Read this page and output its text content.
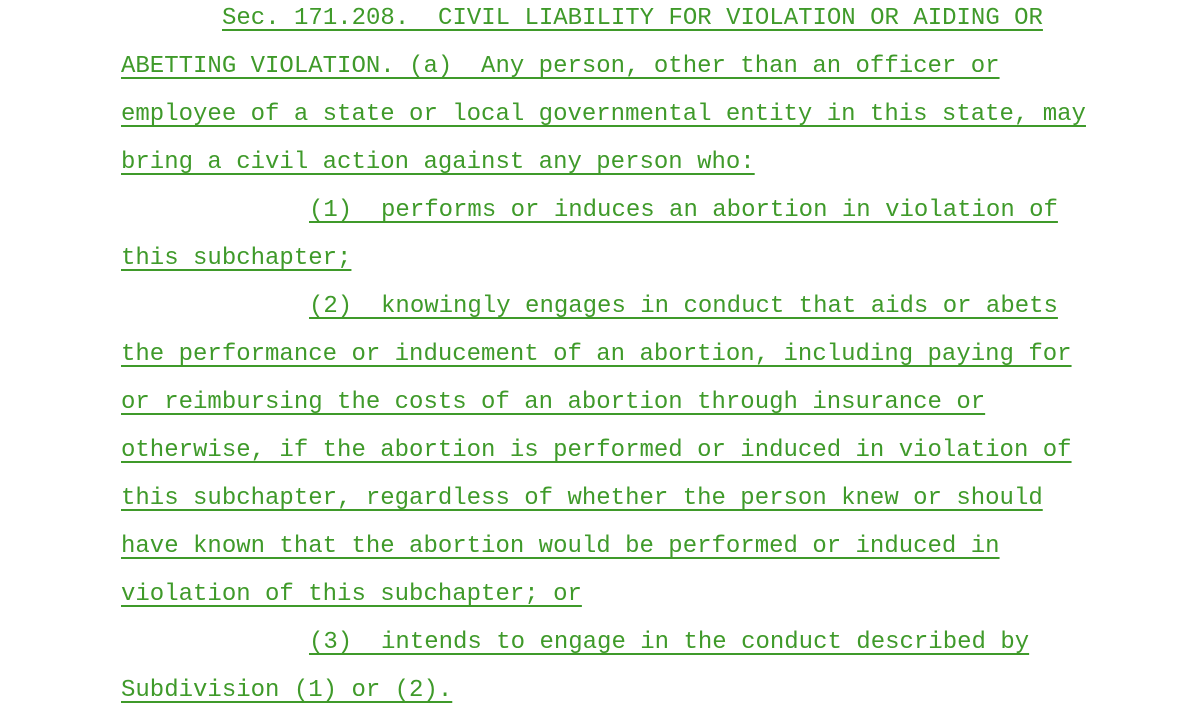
Sec. 171.208.  CIVIL LIABILITY FOR VIOLATION OR AIDING OR
ABETTING VIOLATION. (a)  Any person, other than an officer or
employee of a state or local governmental entity in this state, may
bring a civil action against any person who:
(1)  performs or induces an abortion in violation of
this subchapter;
(2)  knowingly engages in conduct that aids or abets
the performance or inducement of an abortion, including paying for
or reimbursing the costs of an abortion through insurance or
otherwise, if the abortion is performed or induced in violation of
this subchapter, regardless of whether the person knew or should
have known that the abortion would be performed or induced in
violation of this subchapter; or
(3)  intends to engage in the conduct described by
Subdivision (1) or (2).
